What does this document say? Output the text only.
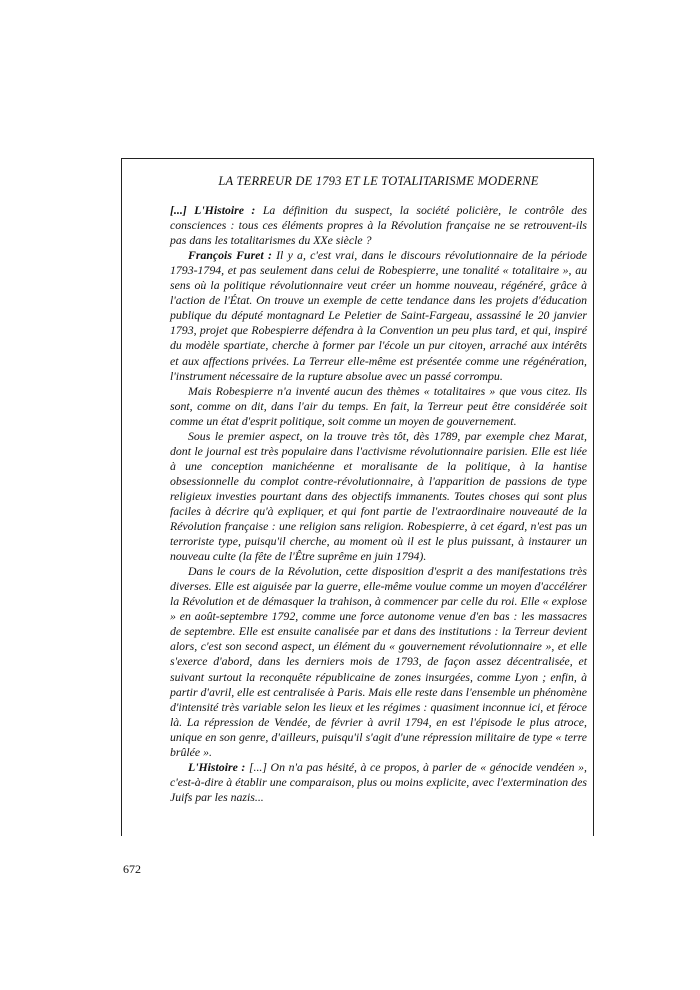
LA TERREUR DE 1793 ET LE TOTALITARISME MODERNE

[...] L'Histoire : La définition du suspect, la société policière, le contrôle des consciences : tous ces éléments propres à la Révolution française ne se retrouvent-ils pas dans les totalitarismes du XXe siècle ?

François Furet : Il y a, c'est vrai, dans le discours révolutionnaire de la période 1793-1794, et pas seulement dans celui de Robespierre, une tonalité « totalitaire », au sens où la politique révolutionnaire veut créer un homme nouveau, régénéré, grâce à l'action de l'État. On trouve un exemple de cette tendance dans les projets d'éducation publique du député montagnard Le Peletier de Saint-Fargeau, assassiné le 20 janvier 1793, projet que Robespierre défendra à la Convention un peu plus tard, et qui, inspiré du modèle spartiate, cherche à former par l'école un pur citoyen, arraché aux intérêts et aux affections privées. La Terreur elle-même est présentée comme une régénération, l'instrument nécessaire de la rupture absolue avec un passé corrompu.

Mais Robespierre n'a inventé aucun des thèmes « totalitaires » que vous citez. Ils sont, comme on dit, dans l'air du temps. En fait, la Terreur peut être considérée soit comme un état d'esprit politique, soit comme un moyen de gouvernement.

Sous le premier aspect, on la trouve très tôt, dès 1789, par exemple chez Marat, dont le journal est très populaire dans l'activisme révolutionnaire parisien. Elle est liée à une conception manichéenne et moralisante de la politique, à la hantise obsessionnelle du complot contre-révolutionnaire, à l'apparition de passions de type religieux investies pourtant dans des objectifs immanents. Toutes choses qui sont plus faciles à décrire qu'à expliquer, et qui font partie de l'extraordinaire nouveauté de la Révolution française : une religion sans religion. Robespierre, à cet égard, n'est pas un terroriste type, puisqu'il cherche, au moment où il est le plus puissant, à instaurer un nouveau culte (la fête de l'Être suprême en juin 1794).

Dans le cours de la Révolution, cette disposition d'esprit a des manifestations très diverses. Elle est aiguisée par la guerre, elle-même voulue comme un moyen d'accélérer la Révolution et de démasquer la trahison, à commencer par celle du roi. Elle « explose » en août-septembre 1792, comme une force autonome venue d'en bas : les massacres de septembre. Elle est ensuite canalisée par et dans des institutions : la Terreur devient alors, c'est son second aspect, un élément du « gouvernement révolutionnaire », et elle s'exerce d'abord, dans les derniers mois de 1793, de façon assez décentralisée, et suivant surtout la reconquête républicaine de zones insurgées, comme Lyon ; enfin, à partir d'avril, elle est centralisée à Paris. Mais elle reste dans l'ensemble un phénomène d'intensité très variable selon les lieux et les régimes : quasiment inconnue ici, et féroce là. La répression de Vendée, de février à avril 1794, en est l'épisode le plus atroce, unique en son genre, d'ailleurs, puisqu'il s'agit d'une répression militaire de type « terre brûlée ».

L'Histoire : [...] On n'a pas hésité, à ce propos, à parler de « génocide vendéen », c'est-à-dire à établir une comparaison, plus ou moins explicite, avec l'extermination des Juifs par les nazis...

672
